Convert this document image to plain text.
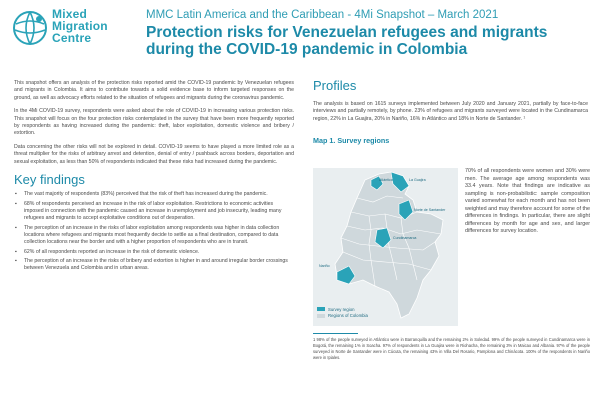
Mixed
Migration
Centre
MMC Latin America and the Caribbean - 4Mi Snapshot – March 2021
Protection risks for Venezuelan refugees and migrants during the COVID-19 pandemic in Colombia

This snapshot offers an analysis of the protection risks reported amid the COVID-19 pandemic by Venezuelan refugees and migrants in Colombia. It aims to contribute towards a solid evidence base to inform targeted responses on the ground, as well as advocacy efforts related to the situation of refugees and migrants during the coronavirus pandemic.

In the 4Mi COVID-19 survey, respondents were asked about the role of COVID-19 in increasing various protection risks. This snapshot will focus on the four protection risks contemplated in the survey that have been more frequently reported by respondents as having increased during the pandemic: theft, labor exploitation, domestic violence and bribery / extortion.

Data concerning the other risks will not be explored in detail. COVID-19 seems to have played a more limited role as a threat multiplier for the risks of arbitrary arrest and detention, denial of entry / pushback across borders, deportation and sexual exploitation, as less than 50% of respondents indicated that these risks had increased during the pandemic.

Key findings
▪ The vast majority of respondents (83%) perceived that the risk of theft has increased during the pandemic.
▪ 68% of respondents perceived an increase in the risk of labor exploitation. Restrictions to economic activities imposed in connection with the pandemic caused an increase in unemployment and job insecurity, leading many refugees and migrants to accept exploitative conditions out of desperation.
▪ The perception of an increase in the risks of labor exploitation among respondents was higher in data collection locations where refugees and migrants most frequently decide to settle as a final destination, compared to data collection locations near the border and with a higher proportion of respondents who are in transit.
▪ 62% of all respondents reported an increase in the risk of domestic violence.
▪ The perception of an increase in the risks of bribery and extortion is higher in and around irregular border crossings between Venezuela and Colombia and in urban areas.
Profiles

The analysis is based on 1615 surveys implemented between July 2020 and January 2021, partially by face-to-face interviews and partially remotely, by phone. 23% of refugees and migrants surveyed were located in the Cundinamarca region, 22% in La Guajira, 20% in Nariño, 16% in Atlántico and 18% in Norte de Santander. ¹

Map 1. Survey regions
Atlántico	La Guajira
Norte de Santander
Cundinamarca
Nariño
Survey region
Regions of Colombia

70% of all respondents were women and 30% were men. The average age among respondents was 33.4 years. Note that findings are indicative as sampling is non-probabilistic: sample composition varied somewhat for each month and has not been weighted and may therefore account for some of the differences in findings. In particular, there are slight differences by month for age and sex, and larger differences for survey location.

1 98% of the people surveyed in Atlántico were in Barranquilla and the remaining 2% in Soledad. 99% of the people surveyed in Cundinamarca were in Bogotá, the remaining 1% in Soacha. 97% of respondents in La Guajira were in Riohacha, the remaining 3% in Maicao and Albania. 97% of the people surveyed in Norte de Santander were in Cúcuta, the remaining 43% in Villa Del Rosario, Pamplona and Chinácota. 100% of the respondents in Nariño were in Ipiales.
